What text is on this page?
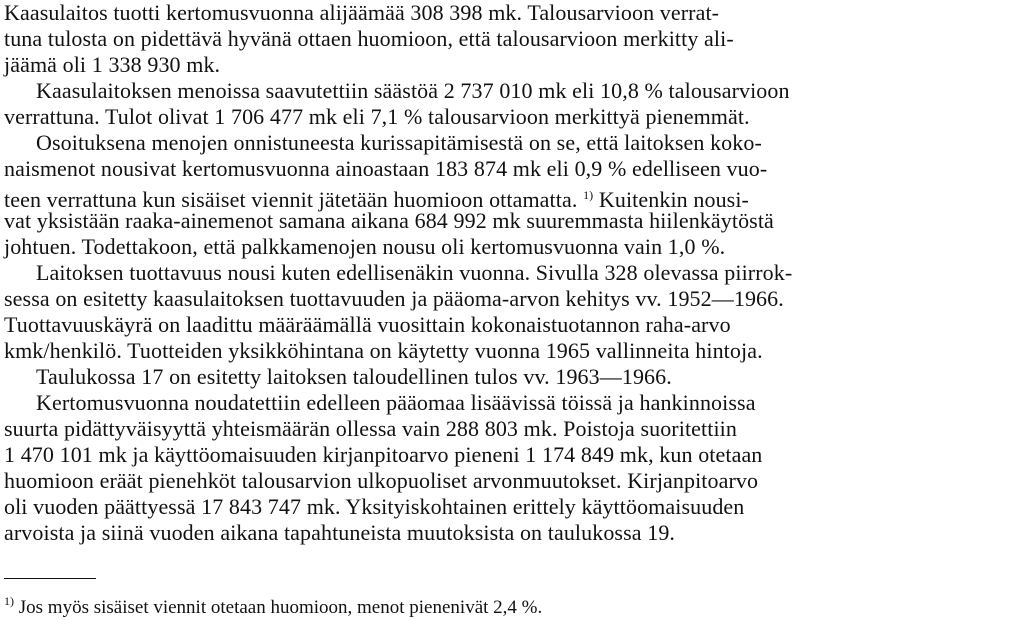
Kaasulaitos tuotti kertomusvuonna alijäämää 308 398 mk. Talousarvioon verrat-
tuna tulosta on pidettävä hyvänä ottaen huomioon, että talousarvioon merkitty ali-
jäämä oli 1 338 930 mk.
Kaasulaitoksen menoissa saavutettiin säästöä 2 737 010 mk eli 10,8 % talousarvioon
verrattuna. Tulot olivat 1 706 477 mk eli 7,1 % talousarvioon merkittyä pienemmät.
Osoituksena menojen onnistuneesta kurissapitämisestä on se, että laitoksen koko-
naismenot nousivat kertomusvuonna ainoastaan 183 874 mk eli 0,9 % edelliseen vuo-
teen verrattuna kun sisäiset viennit jätetään huomioon ottamatta. $^{1)}$ Kuitenkin nousi-
vat yksistään raaka-ainemenot samana aikana 684 992 mk suuremmasta hiilenkäytöstä
johtuen. Todettakoon, että palkkamenojen nousu oli kertomusvuonna vain 1,0 %.
Laitoksen tuottavuus nousi kuten edellisenäkin vuonna. Sivulla 328 olevassa piirrok-
sessa on esitetty kaasulaitoksen tuottavuuden ja pääoma-arvon kehitys vv. 1952—1966.
Tuottavuuskäyrä on laadittu määräämällä vuosittain kokonaistuotannon raha-arvo
kmk/henkilö. Tuotteiden yksikköhintana on käytetty vuonna 1965 vallinneita hintoja.
Taulukossa 17 on esitetty laitoksen taloudellinen tulos vv. 1963—1966.
Kertomusvuonna noudatettiin edelleen pääomaa lisäävissä töissä ja hankinnoissa
suurta pidättyväisyyttä yhteismäärän ollessa vain 288 803 mk. Poistoja suoritettiin
1 470 101 mk ja käyttöomaisuuden kirjanpitoarvo pieneni 1 174 849 mk, kun otetaan
huomioon eräät pienehköt talousarvion ulkopuoliset arvonmuutokset. Kirjanpitoarvo
oli vuoden päättyessä 17 843 747 mk. Yksityiskohtainen erittely käyttöomaisuuden
arvoista ja siinä vuoden aikana tapahtuneista muutoksista on taulukossa 19.
$^{1)}$ Jos myös sisäiset viennit otetaan huomioon, menot pienenivät 2,4 %.
